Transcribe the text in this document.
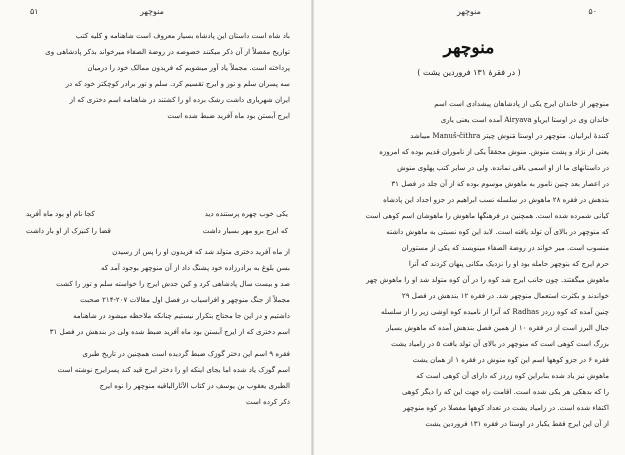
۵۱	منوچهر
باد شاه است داستان این پادشاه بسیار معروف است شاهنامه و کلیه کتب
تواریخ مفصلاً از آن ذکر میکنند خصوصه در روضة الصفاء میرخواند بذکر پادشاهی وی
پرداخته است. مجملاً یاد آور میشویم که فریدون ممالک خود را درمیان
سه پسران سلم و تور و ایرج تقسیم کرد. سلم و تور برادر کوچکتر خود که در
ایران شهریاری داشت رشک برده او را کشتند در شاهنامه اسم دختری که از
ایرج آبستن بود ماه آفرید ضبط شده است
یکی خوب چهره پرستنده دید
کجا نام او بود ماه آفرید
که ایرج برو مهر بسیار داشت
قضا را کنیزک از او بار داشت
از ماه آفرید دختری متولد شد که فریدون او را پس از رسیدن
بسن بلوغ به برادرزاده خود پشنگ داد از آن منوچهر بوجود آمد که
صد و بیست سال پادشاهی کرد و کین جدش ایرج را خواسته سلم و تور را کشت
مجملاً از جنگ منوچهر و افراسیاب در فصل اول مقالات ۲۰۷-۲۱۴ صحبت
داشتیم و در این جا محتاج بتکرار نیستیم چنانکه ملاحظه میشود در شاهنامه
اسم دختری که از ایرج آبستن بود ماه آفرید ضبط شده ولی در بندهش در فصل ۳۱
فقره ۹ اسم این دختر گوزک ضبط گردیده است همچنین در تاریخ طبری
اسم گوزک یاد شده اما بجای اینکه او را دختر ایرج قید کند پسرایرج نوشته است
الطبری یعقوب بن یوسف در کتاب الآثارالباقیه منوچهر را نوه ایرج
ذکر کرده است
منوچهر	۵۰
منوچهر
( در فقرهٔ ۱۳۱ فروردین یشت )
منوچهر از خاندان ایرج یکی از پادشاهان پیشدادی است اسم
خاندان وی در اوستا ایریاو Airyava آمده است یعنی یاری
کنندهٔ ایرانیان. منوچهر در اوستا مَنوش چیتر Manuš-čithra میباشد
یعنی از نژاد و پشت منوش. منوش محققاً یکی از ناموران قدیم بوده که امروزه
در داستانهای ما از او اسمی باقی نمانده. ولی در سایر کتب پهلوی منوش
در اعصار بعد چنین نامور به ماهوش موسوم بوده که از آن جلد در فصل ۳۱
بندهش در فقره ۲۸ ماهوش در سلسله نسب ابراهیم در جزو اجداد این پادشاه
کیانی شمرده شده است. همچنین در فرهنگها ماهوش را ماهوشان اسم کوهی است
که منوچهر در بالای آن تولد یافته است. لابد این کوه نسبتی به ماهوش داشته
منسوب است. میر خواند در روضة الصفاء مینویسد که یکی از مستوران
حرم ایرج که بنوچهر حامله بود او را نزدیک مکانی پنهان کردند که آنرا
ماهوش میگفتند. چون جانب ایرج شد کوه را در آن کوه متولد شد او را ماهوش چهر
خواندند و بکثرت استعمال منوچهر شد. در فقره ۱۲ بندهش در فصل ۲۹
چنین آمده که کوه زردز Radhas که آنرا از نامیده کوه اوشی زیر را از سلسله
جبال البرز است از در فقره ۱۰ از همین فصل بندهش آمده که ماهوش بسیار
بزرگ است کوهی است که منوچهر در بالای آن تولد یافت ۵ در زامیاد یشت
فقره ۶ در جزو کوهها اسم این کوه منوش در فقره ۱ از همان یشت
ماهوش نیز یاد شده بنابراین کوه زردز که دارای آن کوهی است که
را که بدهکی هر یکی شده است. اقامت راه جهت این که را دیگر کوهی
اکتفاء شده است. در زامیاد یشت در تعداد کوهها مفصلا در کوه منوچهر
از آن این ایرج فقط یکبار در اوستا در فقره ۱۳۱ فروردین یشت
